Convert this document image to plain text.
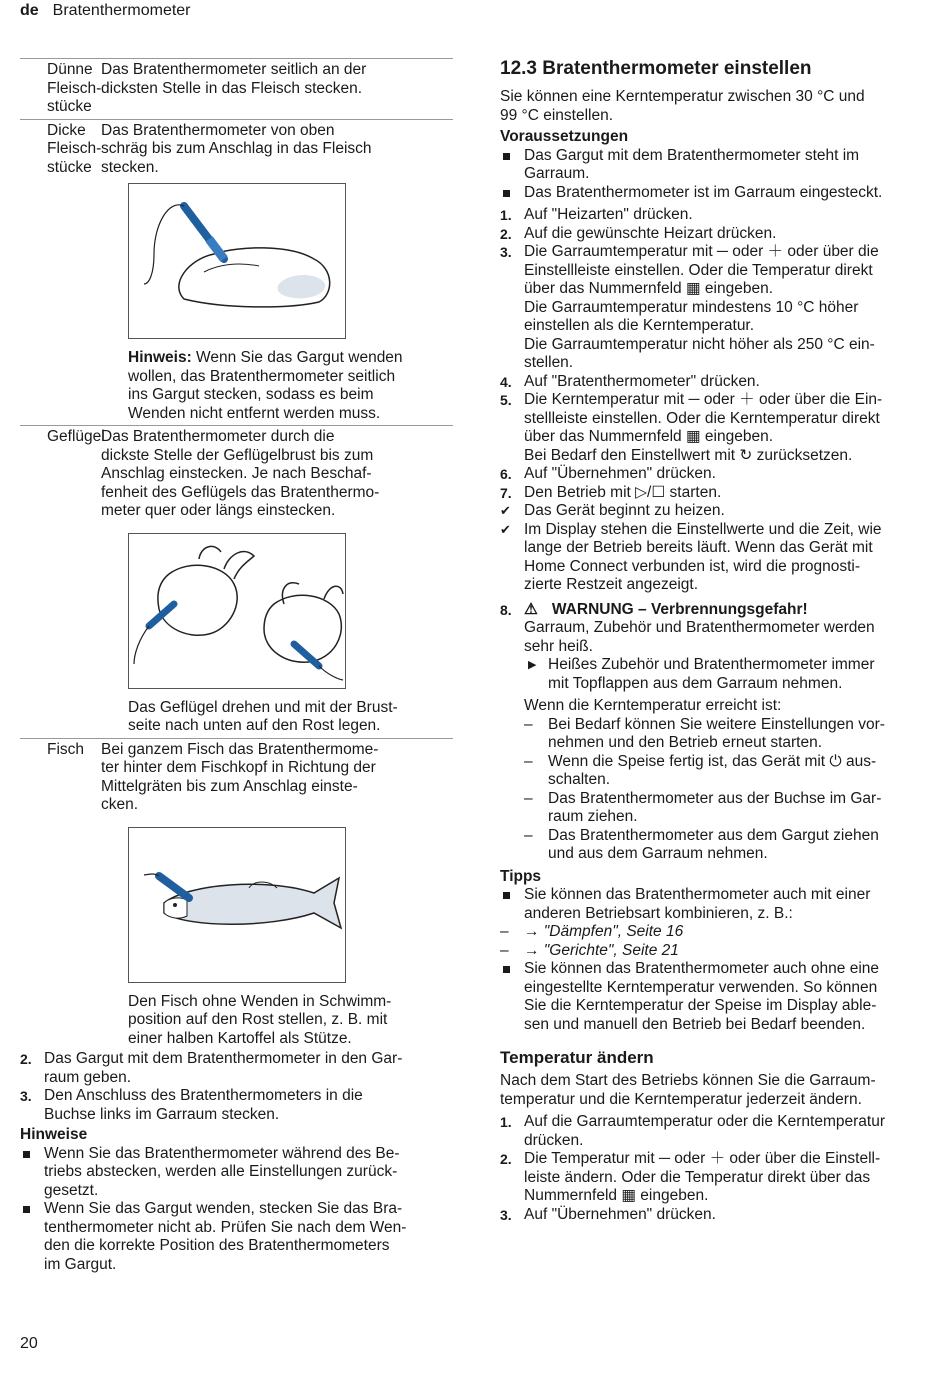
de Bratenthermometer
Dünne
Fleisch-
stücke
Das Bratenthermometer seitlich an der
dicksten Stelle in das Fleisch stecken.
Dicke
Fleisch-
stücke
Das Bratenthermometer von oben
schräg bis zum Anschlag in das Fleisch
stecken.
Hinweis: Wenn Sie das Gargut wenden
wollen, das Bratenthermometer seitlich
ins Gargut stecken, sodass es beim
Wenden nicht entfernt werden muss.
Geflügel
Das Bratenthermometer durch die
dickste Stelle der Geflügelbrust bis zum
Anschlag einstecken. Je nach Beschaf-
fenheit des Geflügels das Bratenthermo-
meter quer oder längs einstecken.
Das Geflügel drehen und mit der Brust-
seite nach unten auf den Rost legen.
Fisch	Bei ganzem Fisch das Bratenthermome-
ter hinter dem Fischkopf in Richtung der
Mittelgräten bis zum Anschlag einste-
cken.
Den Fisch ohne Wenden in Schwimm-
position auf den Rost stellen, z. B. mit
einer halben Kartoffel als Stütze.
2. Das Gargut mit dem Bratenthermometer in den Gar-
raum geben.
3. Den Anschluss des Bratenthermometers in die
Buchse links im Garraum stecken.
Hinweise
Wenn Sie das Bratenthermometer während des Be-
triebs abstecken, werden alle Einstellungen zurück-
gesetzt.
Wenn Sie das Gargut wenden, stecken Sie das Bra-
tenthermometer nicht ab. Prüfen Sie nach dem Wen-
den die korrekte Position des Bratenthermometers
im Gargut.
12.3 Bratenthermometer einstellen
Sie können eine Kerntemperatur zwischen 30 °C und
99 °C einstellen.
Voraussetzungen
Das Gargut mit dem Bratenthermometer steht im
Garraum.
Das Bratenthermometer ist im Garraum eingesteckt.
1. Auf "Heizarten" drücken.
2. Auf die gewünschte Heizart drücken.
3. Die Garraumtemperatur mit ─ oder ＋ oder über die
Einstellleiste einstellen. Oder die Temperatur direkt
über das Nummernfeld ▦ eingeben.
Die Garraumtemperatur mindestens 10 °C höher
einstellen als die Kerntemperatur.
Die Garraumtemperatur nicht höher als 250 °C ein-
stellen.
4. Auf "Bratenthermometer" drücken.
5. Die Kerntemperatur mit ─ oder ＋ oder über die Ein-
stellleiste einstellen. Oder die Kerntemperatur direkt
über das Nummernfeld ▦ eingeben.
Bei Bedarf den Einstellwert mit ↻ zurücksetzen.
6. Auf "Übernehmen" drücken.
7. Den Betrieb mit ▷/☐ starten.
✔ Das Gerät beginnt zu heizen.
✔ Im Display stehen die Einstellwerte und die Zeit, wie
lange der Betrieb bereits läuft. Wenn das Gerät mit
Home Connect verbunden ist, wird die prognosti-
zierte Restzeit angezeigt.
8. ⚠ WARNUNG – Verbrennungsgefahr!
Garraum, Zubehör und Bratenthermometer werden
sehr heiß.
▶ Heißes Zubehör und Bratenthermometer immer
mit Topflappen aus dem Garraum nehmen.
Wenn die Kerntemperatur erreicht ist:
– Bei Bedarf können Sie weitere Einstellungen vor-
nehmen und den Betrieb erneut starten.
– Wenn die Speise fertig ist, das Gerät mit ⏻ aus-
schalten.
– Das Bratenthermometer aus der Buchse im Gar-
raum ziehen.
– Das Bratenthermometer aus dem Gargut ziehen
und aus dem Garraum nehmen.
Tipps
Sie können das Bratenthermometer auch mit einer
anderen Betriebsart kombinieren, z. B.:
– → "Dämpfen", Seite 16
– → "Gerichte", Seite 21
Sie können das Bratenthermometer auch ohne eine
eingestellte Kerntemperatur verwenden. So können
Sie die Kerntemperatur der Speise im Display able-
sen und manuell den Betrieb bei Bedarf beenden.
Temperatur ändern
Nach dem Start des Betriebs können Sie die Garraum-
temperatur und die Kerntemperatur jederzeit ändern.
1. Auf die Garraumtemperatur oder die Kerntemperatur
drücken.
2. Die Temperatur mit ─ oder ＋ oder über die Einstell-
leiste ändern. Oder die Temperatur direkt über das
Nummernfeld ▦ eingeben.
3. Auf "Übernehmen" drücken.
20
